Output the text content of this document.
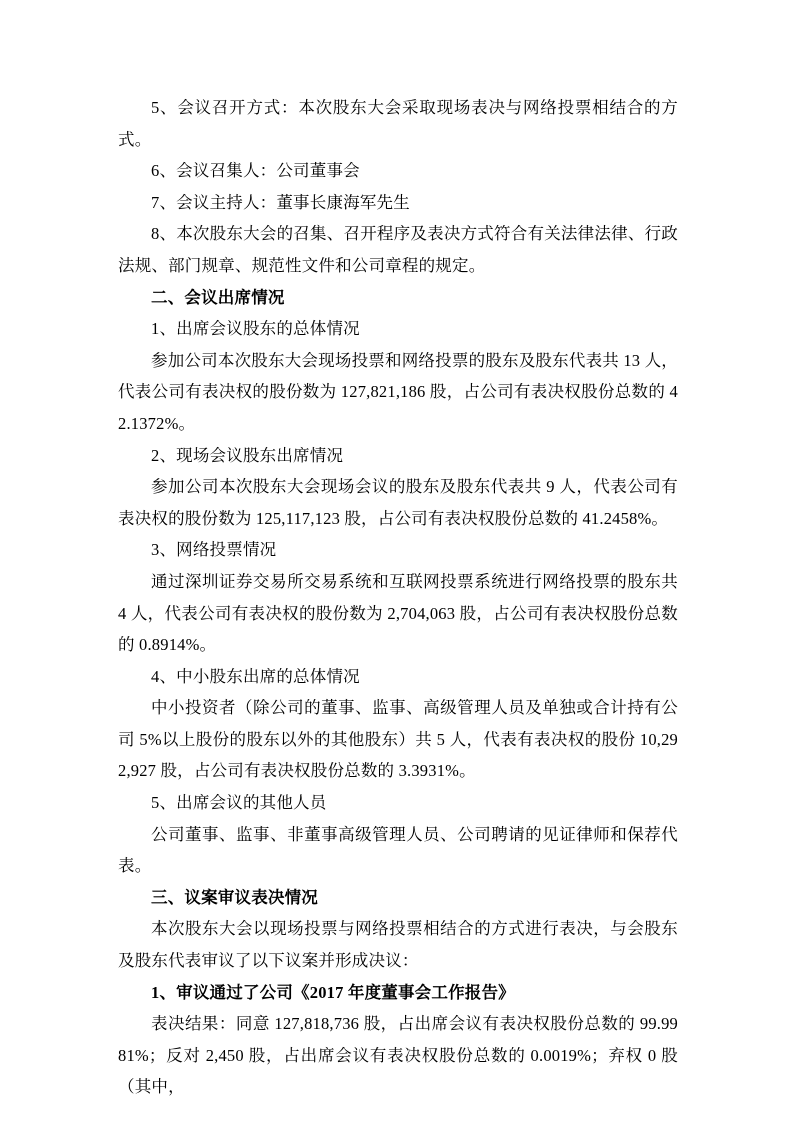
5、会议召开方式：本次股东大会采取现场表决与网络投票相结合的方式。

6、会议召集人：公司董事会

7、会议主持人：董事长康海军先生

8、本次股东大会的召集、召开程序及表决方式符合有关法律法律、行政法规、部门规章、规范性文件和公司章程的规定。

二、会议出席情况

1、出席会议股东的总体情况

参加公司本次股东大会现场投票和网络投票的股东及股东代表共 13 人，代表公司有表决权的股份数为 127,821,186 股，占公司有表决权股份总数的 42.1372%。

2、现场会议股东出席情况

参加公司本次股东大会现场会议的股东及股东代表共 9 人，代表公司有表决权的股份数为 125,117,123 股，占公司有表决权股份总数的 41.2458%。

3、网络投票情况

通过深圳证券交易所交易系统和互联网投票系统进行网络投票的股东共 4 人，代表公司有表决权的股份数为 2,704,063 股，占公司有表决权股份总数的 0.8914%。

4、中小股东出席的总体情况

中小投资者（除公司的董事、监事、高级管理人员及单独或合计持有公司 5%以上股份的股东以外的其他股东）共 5 人，代表有表决权的股份 10,292,927 股，占公司有表决权股份总数的 3.3931%。

5、出席会议的其他人员

公司董事、监事、非董事高级管理人员、公司聘请的见证律师和保荐代表。

三、议案审议表决情况

本次股东大会以现场投票与网络投票相结合的方式进行表决，与会股东及股东代表审议了以下议案并形成决议：

1、审议通过了公司《2017 年度董事会工作报告》

表决结果：同意 127,818,736 股，占出席会议有表决权股份总数的 99.9981%；反对 2,450 股，占出席会议有表决权股份总数的 0.0019%；弃权 0 股（其中，
